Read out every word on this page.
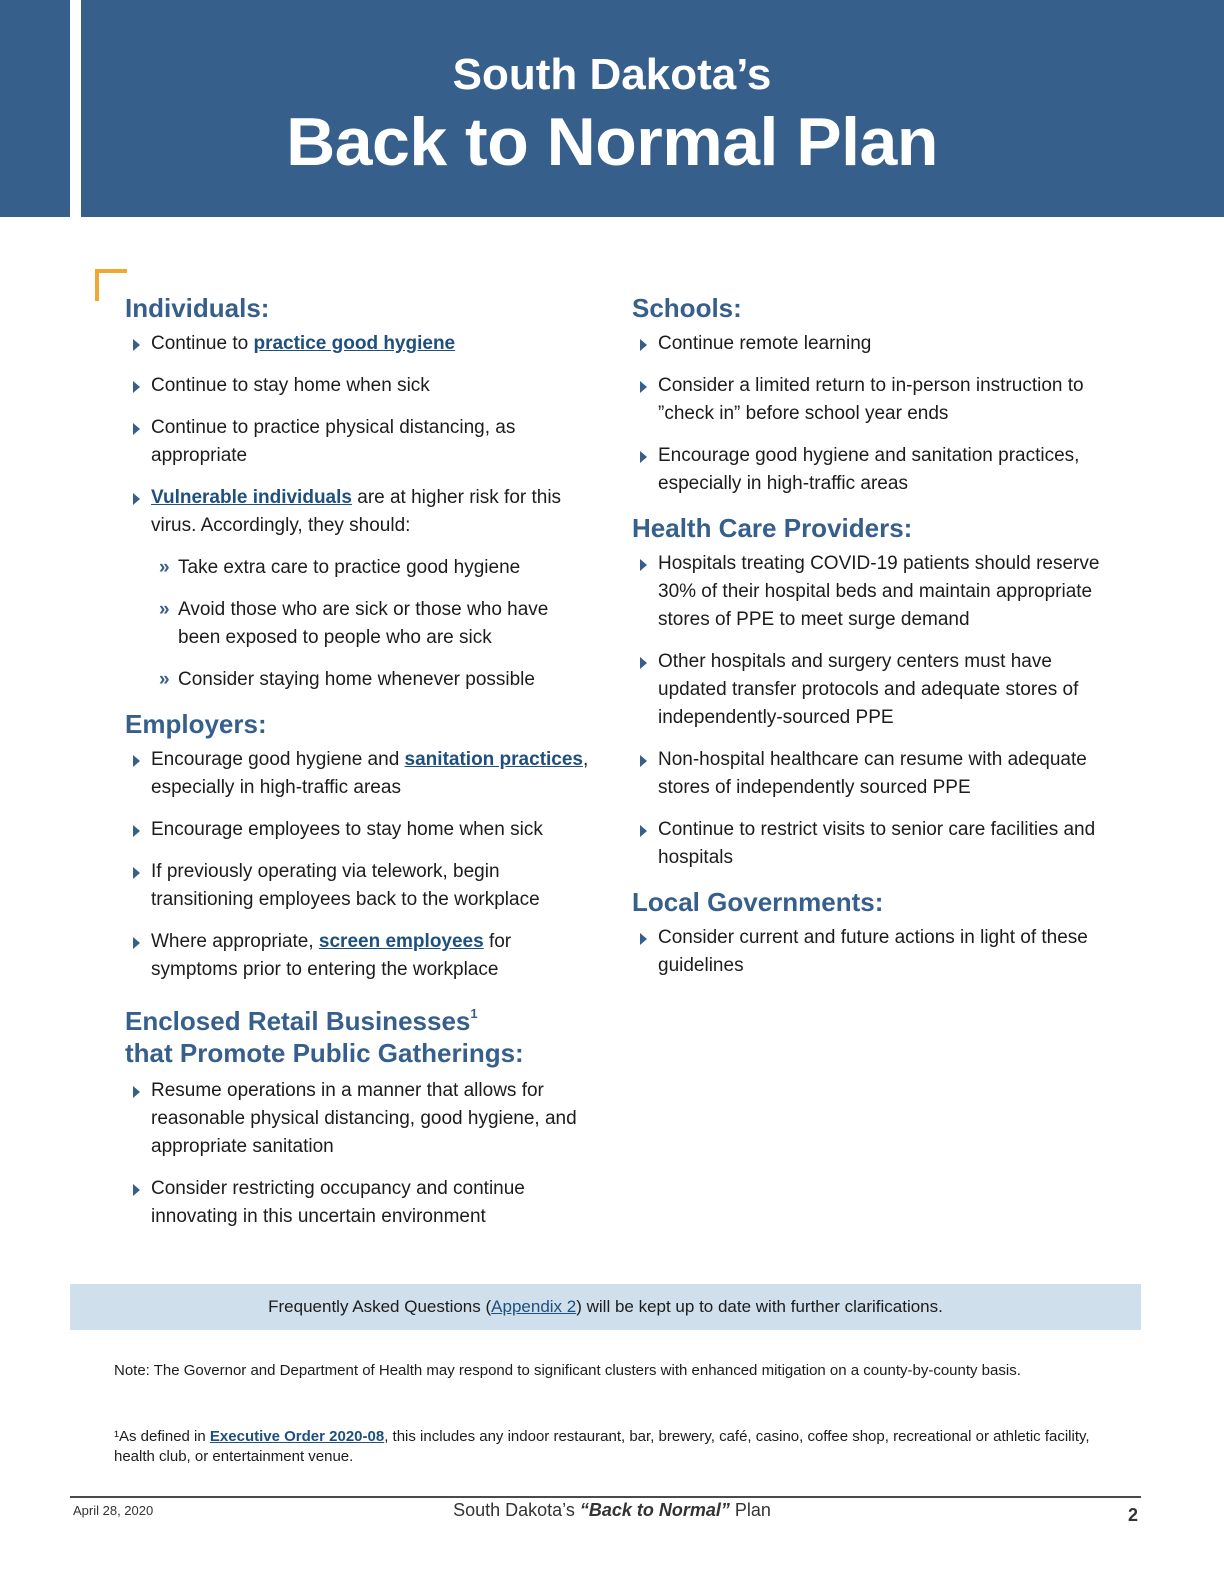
South Dakota’s
Back to Normal Plan
Individuals:
Continue to practice good hygiene
Continue to stay home when sick
Continue to practice physical distancing, as appropriate
Vulnerable individuals are at higher risk for this virus. Accordingly, they should:
» Take extra care to practice good hygiene
» Avoid those who are sick or those who have been exposed to people who are sick
» Consider staying home whenever possible
Employers:
Encourage good hygiene and sanitation practices, especially in high-traffic areas
Encourage employees to stay home when sick
If previously operating via telework, begin transitioning employees back to the workplace
Where appropriate, screen employees for symptoms prior to entering the workplace
Enclosed Retail Businesses$^1$
that Promote Public Gatherings:
Resume operations in a manner that allows for reasonable physical distancing, good hygiene, and appropriate sanitation
Consider restricting occupancy and continue innovating in this uncertain environment
Schools:
Continue remote learning
Consider a limited return to in-person instruction to ”check in” before school year ends
Encourage good hygiene and sanitation practices, especially in high-traffic areas
Health Care Providers:
Hospitals treating COVID-19 patients should reserve 30% of their hospital beds and maintain appropriate stores of PPE to meet surge demand
Other hospitals and surgery centers must have updated transfer protocols and adequate stores of independently-sourced PPE
Non-hospital healthcare can resume with adequate stores of independently sourced PPE
Continue to restrict visits to senior care facilities and hospitals
Local Governments:
Consider current and future actions in light of these guidelines
Frequently Asked Questions (Appendix 2) will be kept up to date with further clarifications.

Note: The Governor and Department of Health may respond to significant clusters with enhanced mitigation on a county-by-county basis.

¹As defined in Executive Order 2020-08, this includes any indoor restaurant, bar, brewery, café, casino, coffee shop, recreational or athletic facility, health club, or entertainment venue.

April 28, 2020	South Dakota’s “Back to Normal” Plan	2
